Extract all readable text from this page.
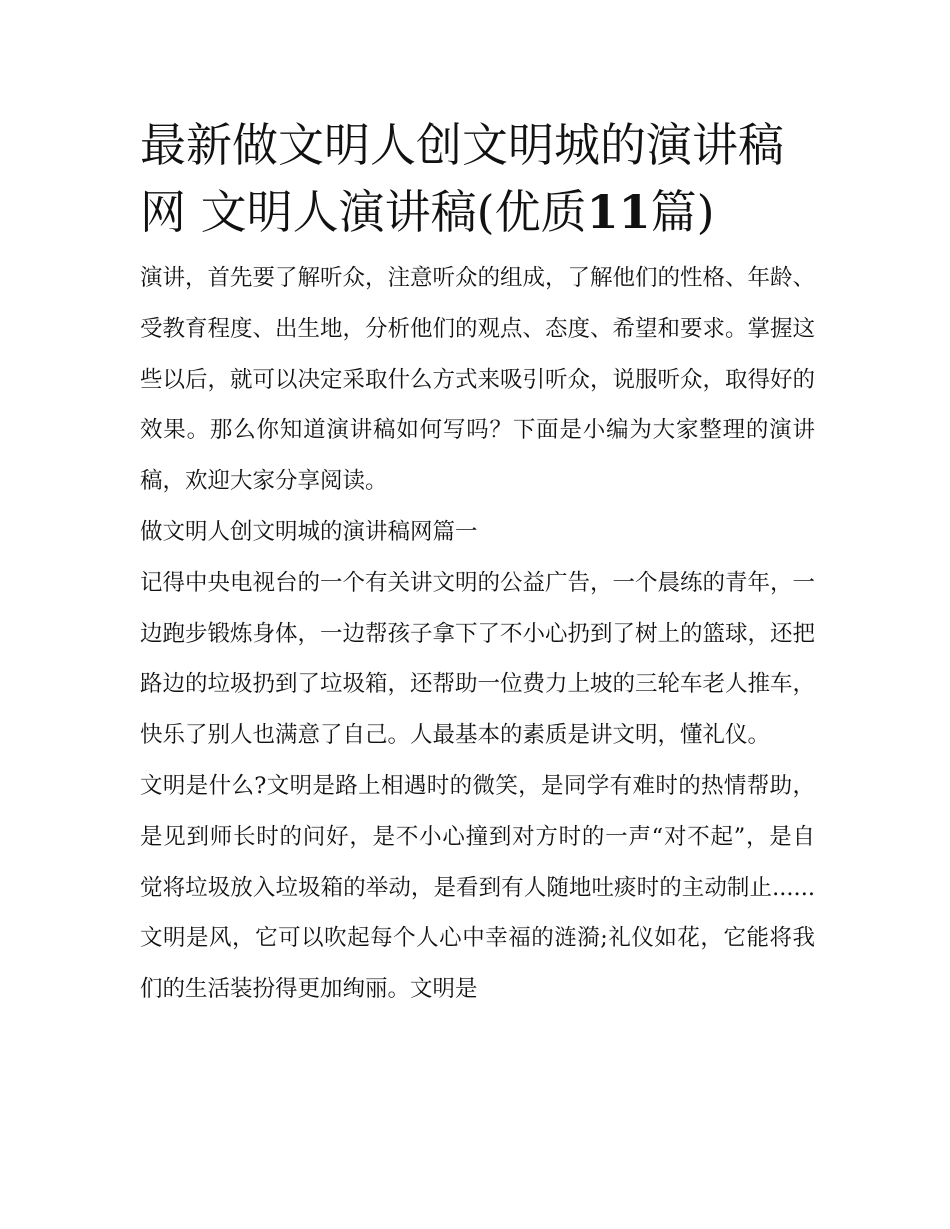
最新做文明人创文明城的演讲稿网 文明人演讲稿(优质11篇)

演讲，首先要了解听众，注意听众的组成，了解他们的性格、年龄、受教育程度、出生地，分析他们的观点、态度、希望和要求。掌握这些以后，就可以决定采取什么方式来吸引听众，说服听众，取得好的效果。那么你知道演讲稿如何写吗？下面是小编为大家整理的演讲稿，欢迎大家分享阅读。

做文明人创文明城的演讲稿网篇一

记得中央电视台的一个有关讲文明的公益广告，一个晨练的青年，一边跑步锻炼身体，一边帮孩子拿下了不小心扔到了树上的篮球，还把路边的垃圾扔到了垃圾箱，还帮助一位费力上坡的三轮车老人推车，快乐了别人也满意了自己。人最基本的素质是讲文明，懂礼仪。

文明是什么?文明是路上相遇时的微笑，是同学有难时的热情帮助，是见到师长时的问好，是不小心撞到对方时的一声“对不起”，是自觉将垃圾放入垃圾箱的举动，是看到有人随地吐痰时的主动制止......文明是风，它可以吹起每个人心中幸福的涟漪;礼仪如花，它能将我们的生活装扮得更加绚丽。文明是
